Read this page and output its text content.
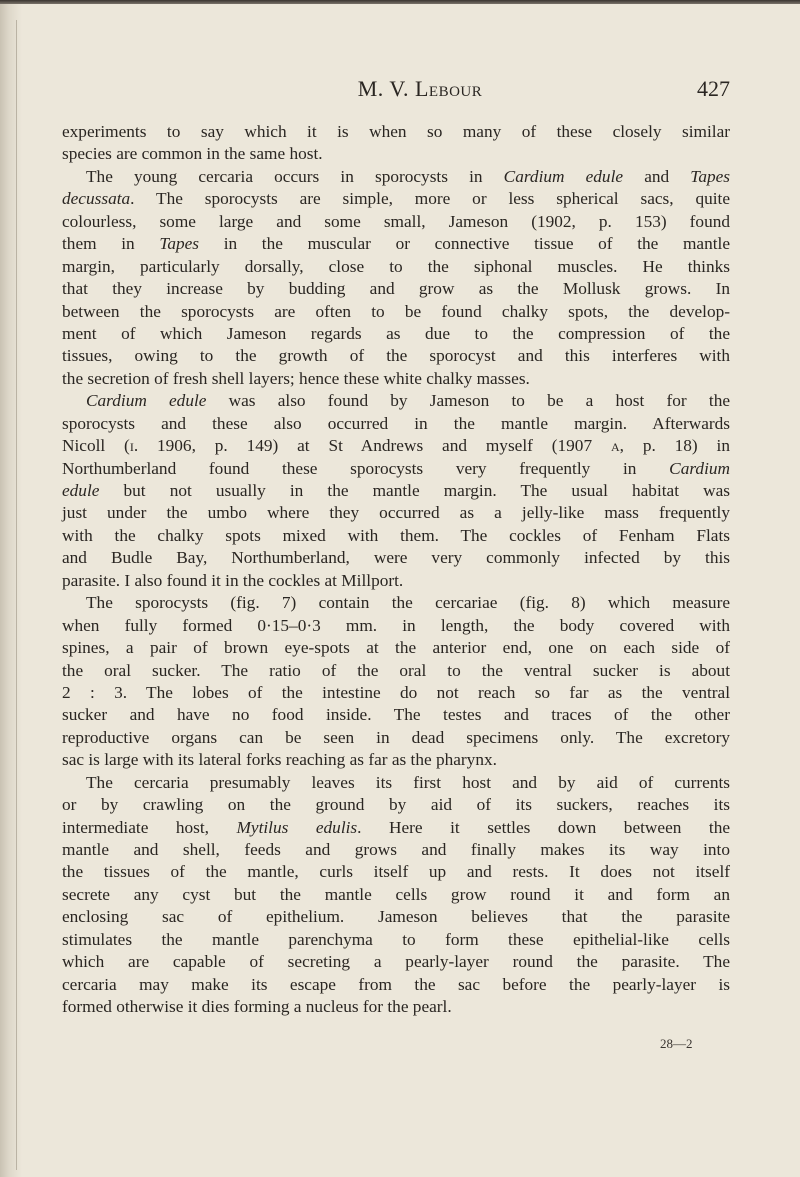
M. V. Lebour	427
experiments to say which it is when so many of these closely similar
species are common in the same host.
The young cercaria occurs in sporocysts in Cardium edule and Tapes
decussata. The sporocysts are simple, more or less spherical sacs, quite
colourless, some large and some small, Jameson (1902, p. 153) found
them in Tapes in the muscular or connective tissue of the mantle
margin, particularly dorsally, close to the siphonal muscles. He thinks
that they increase by budding and grow as the Mollusk grows. In
between the sporocysts are often to be found chalky spots, the develop-
ment of which Jameson regards as due to the compression of the
tissues, owing to the growth of the sporocyst and this interferes with
the secretion of fresh shell layers; hence these white chalky masses.
Cardium edule was also found by Jameson to be a host for the
sporocysts and these also occurred in the mantle margin. Afterwards
Nicoll (i. 1906, p. 149) at St Andrews and myself (1907 a, p. 18) in
Northumberland found these sporocysts very frequently in Cardium
edule but not usually in the mantle margin. The usual habitat was
just under the umbo where they occurred as a jelly-like mass frequently
with the chalky spots mixed with them. The cockles of Fenham Flats
and Budle Bay, Northumberland, were very commonly infected by this
parasite. I also found it in the cockles at Millport.
The sporocysts (fig. 7) contain the cercariae (fig. 8) which measure
when fully formed 0·15–0·3 mm. in length, the body covered with
spines, a pair of brown eye-spots at the anterior end, one on each side of
the oral sucker. The ratio of the oral to the ventral sucker is about
2 : 3. The lobes of the intestine do not reach so far as the ventral
sucker and have no food inside. The testes and traces of the other
reproductive organs can be seen in dead specimens only. The excretory
sac is large with its lateral forks reaching as far as the pharynx.
The cercaria presumably leaves its first host and by aid of currents
or by crawling on the ground by aid of its suckers, reaches its
intermediate host, Mytilus edulis. Here it settles down between the
mantle and shell, feeds and grows and finally makes its way into
the tissues of the mantle, curls itself up and rests. It does not itself
secrete any cyst but the mantle cells grow round it and form an
enclosing sac of epithelium. Jameson believes that the parasite
stimulates the mantle parenchyma to form these epithelial-like cells
which are capable of secreting a pearly-layer round the parasite. The
cercaria may make its escape from the sac before the pearly-layer is
formed otherwise it dies forming a nucleus for the pearl.
28—2
